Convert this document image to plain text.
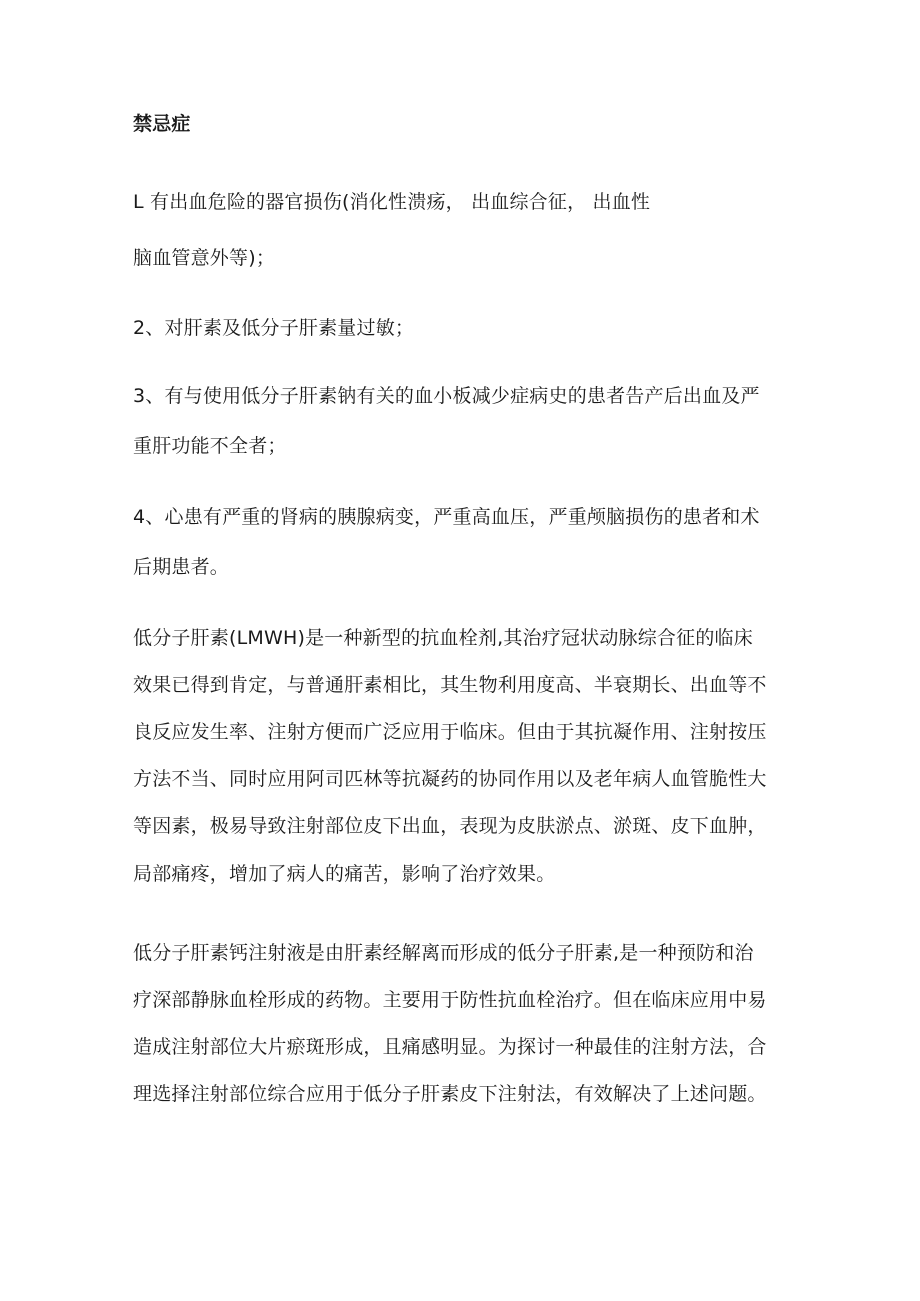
禁忌症
L 有出血危险的器官损伤(消化性溃疡， 出血综合征， 出血性
脑血管意外等)；
2、对肝素及低分子肝素量过敏；
3、有与使用低分子肝素钠有关的血小板减少症病史的患者告产后出血及严
重肝功能不全者；
4、心患有严重的肾病的胰腺病变，严重高血压，严重颅脑损伤的患者和术
后期患者。
低分子肝素(LMWH)是一种新型的抗血栓剂,其治疗冠状动脉综合征的临床
效果已得到肯定，与普通肝素相比，其生物利用度高、半衰期长、出血等不
良反应发生率、注射方便而广泛应用于临床。但由于其抗凝作用、注射按压
方法不当、同时应用阿司匹林等抗凝药的协同作用以及老年病人血管脆性大
等因素，极易导致注射部位皮下出血，表现为皮肤淤点、淤斑、皮下血肿，
局部痛疼，增加了病人的痛苦，影响了治疗效果。
低分子肝素钙注射液是由肝素经解离而形成的低分子肝素,是一种预防和治
疗深部静脉血栓形成的药物。主要用于防性抗血栓治疗。但在临床应用中易
造成注射部位大片瘀斑形成，且痛感明显。为探讨一种最佳的注射方法，合
理选择注射部位综合应用于低分子肝素皮下注射法，有效解决了上述问题。
